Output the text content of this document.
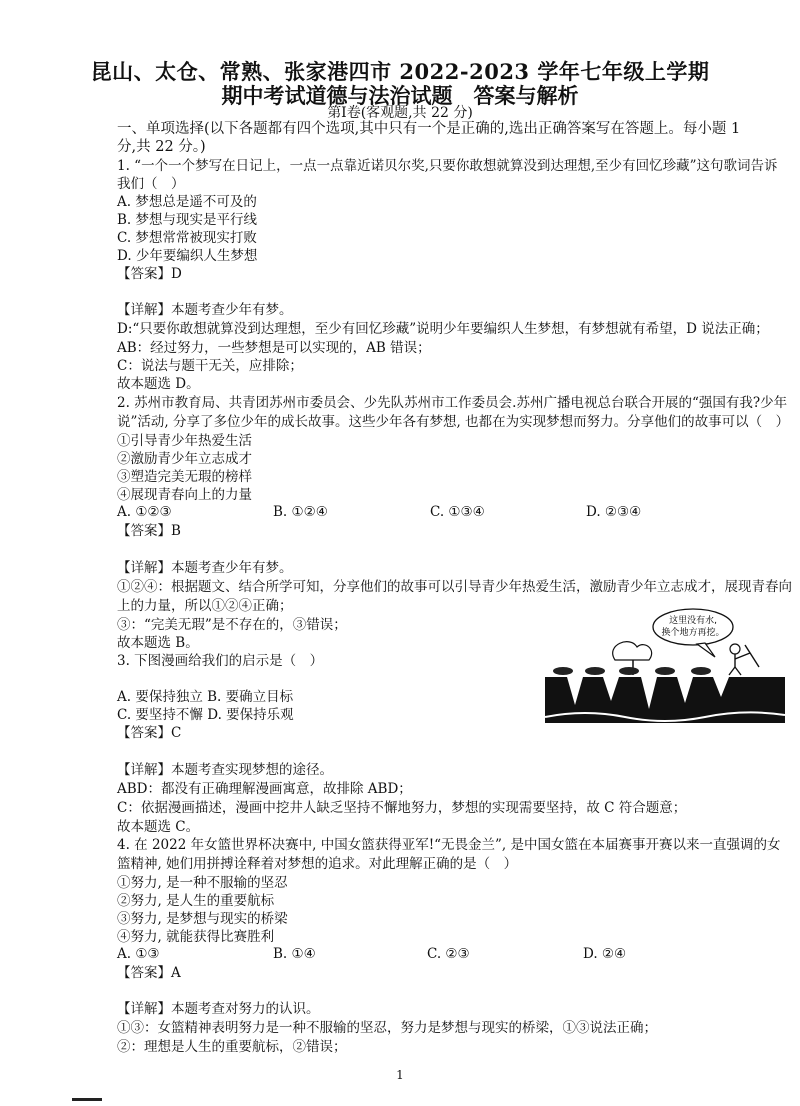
昆山、太仓、常熟、张家港四市 2022-2023 学年七年级上学期
期中考试道德与法治试题　答案与解析
第Ⅰ卷(客观题,共 22 分)
一、单项选择(以下各题都有四个选项,其中只有一个是正确的,选出正确答案写在答题上。每小题 1
分,共 22 分。)
1. “一个一个梦写在日记上，一点一点靠近诺贝尔奖,只要你敢想就算没到达理想,至少有回忆珍藏”这句歌词告诉
我们（　）
A. 梦想总是遥不可及的
B. 梦想与现实是平行线
C. 梦想常常被现实打败
D. 少年要编织人生梦想
【答案】D
【详解】本题考查少年有梦。
D:“只要你敢想就算没到达理想，至少有回忆珍藏”说明少年要编织人生梦想，有梦想就有希望，D 说法正确；
AB：经过努力，一些梦想是可以实现的，AB 错误；
C：说法与题干无关，应排除；
故本题选 D。
2. 苏州市教育局、共青团苏州市委员会、少先队苏州市工作委员会.苏州广播电视总台联合开展的“强国有我?少年
说”活动, 分享了多位少年的成长故事。这些少年各有梦想, 也都在为实现梦想而努力。分享他们的故事可以（　）
①引导青少年热爱生活
②激励青少年立志成才
③塑造完美无瑕的榜样
④展现青春向上的力量
A. ①②③	B. ①②④	C. ①③④	D. ②③④
【答案】B
【详解】本题考查少年有梦。
①②④：根据题文、结合所学可知，分享他们的故事可以引导青少年热爱生活，激励青少年立志成才，展现青春向
上的力量，所以①②④正确；
③：“完美无瑕”是不存在的，③错误；
故本题选 B。
3. 下图漫画给我们的启示是（　）
A. 要保持独立 B. 要确立目标
C. 要坚持不懈 D. 要保持乐观
【答案】C
这里没有水,
换个地方再挖。
【详解】本题考查实现梦想的途径。
ABD：都没有正确理解漫画寓意，故排除 ABD；
C：依据漫画描述，漫画中挖井人缺乏坚持不懈地努力，梦想的实现需要坚持，故 C 符合题意；
故本题选 C。
4. 在 2022 年女篮世界杯决赛中, 中国女篮获得亚军!“无畏金兰”, 是中国女篮在本届赛事开赛以来一直强调的女
篮精神, 她们用拼搏诠释着对梦想的追求。对此理解正确的是（　）
①努力, 是一种不服输的坚忍
②努力, 是人生的重要航标
③努力, 是梦想与现实的桥梁
④努力, 就能获得比赛胜利
A. ①③	B. ①④	C. ②③	D. ②④
【答案】A
【详解】本题考查对努力的认识。
①③：女篮精神表明努力是一种不服输的坚忍，努力是梦想与现实的桥梁，①③说法正确；
②：理想是人生的重要航标，②错误；
1
